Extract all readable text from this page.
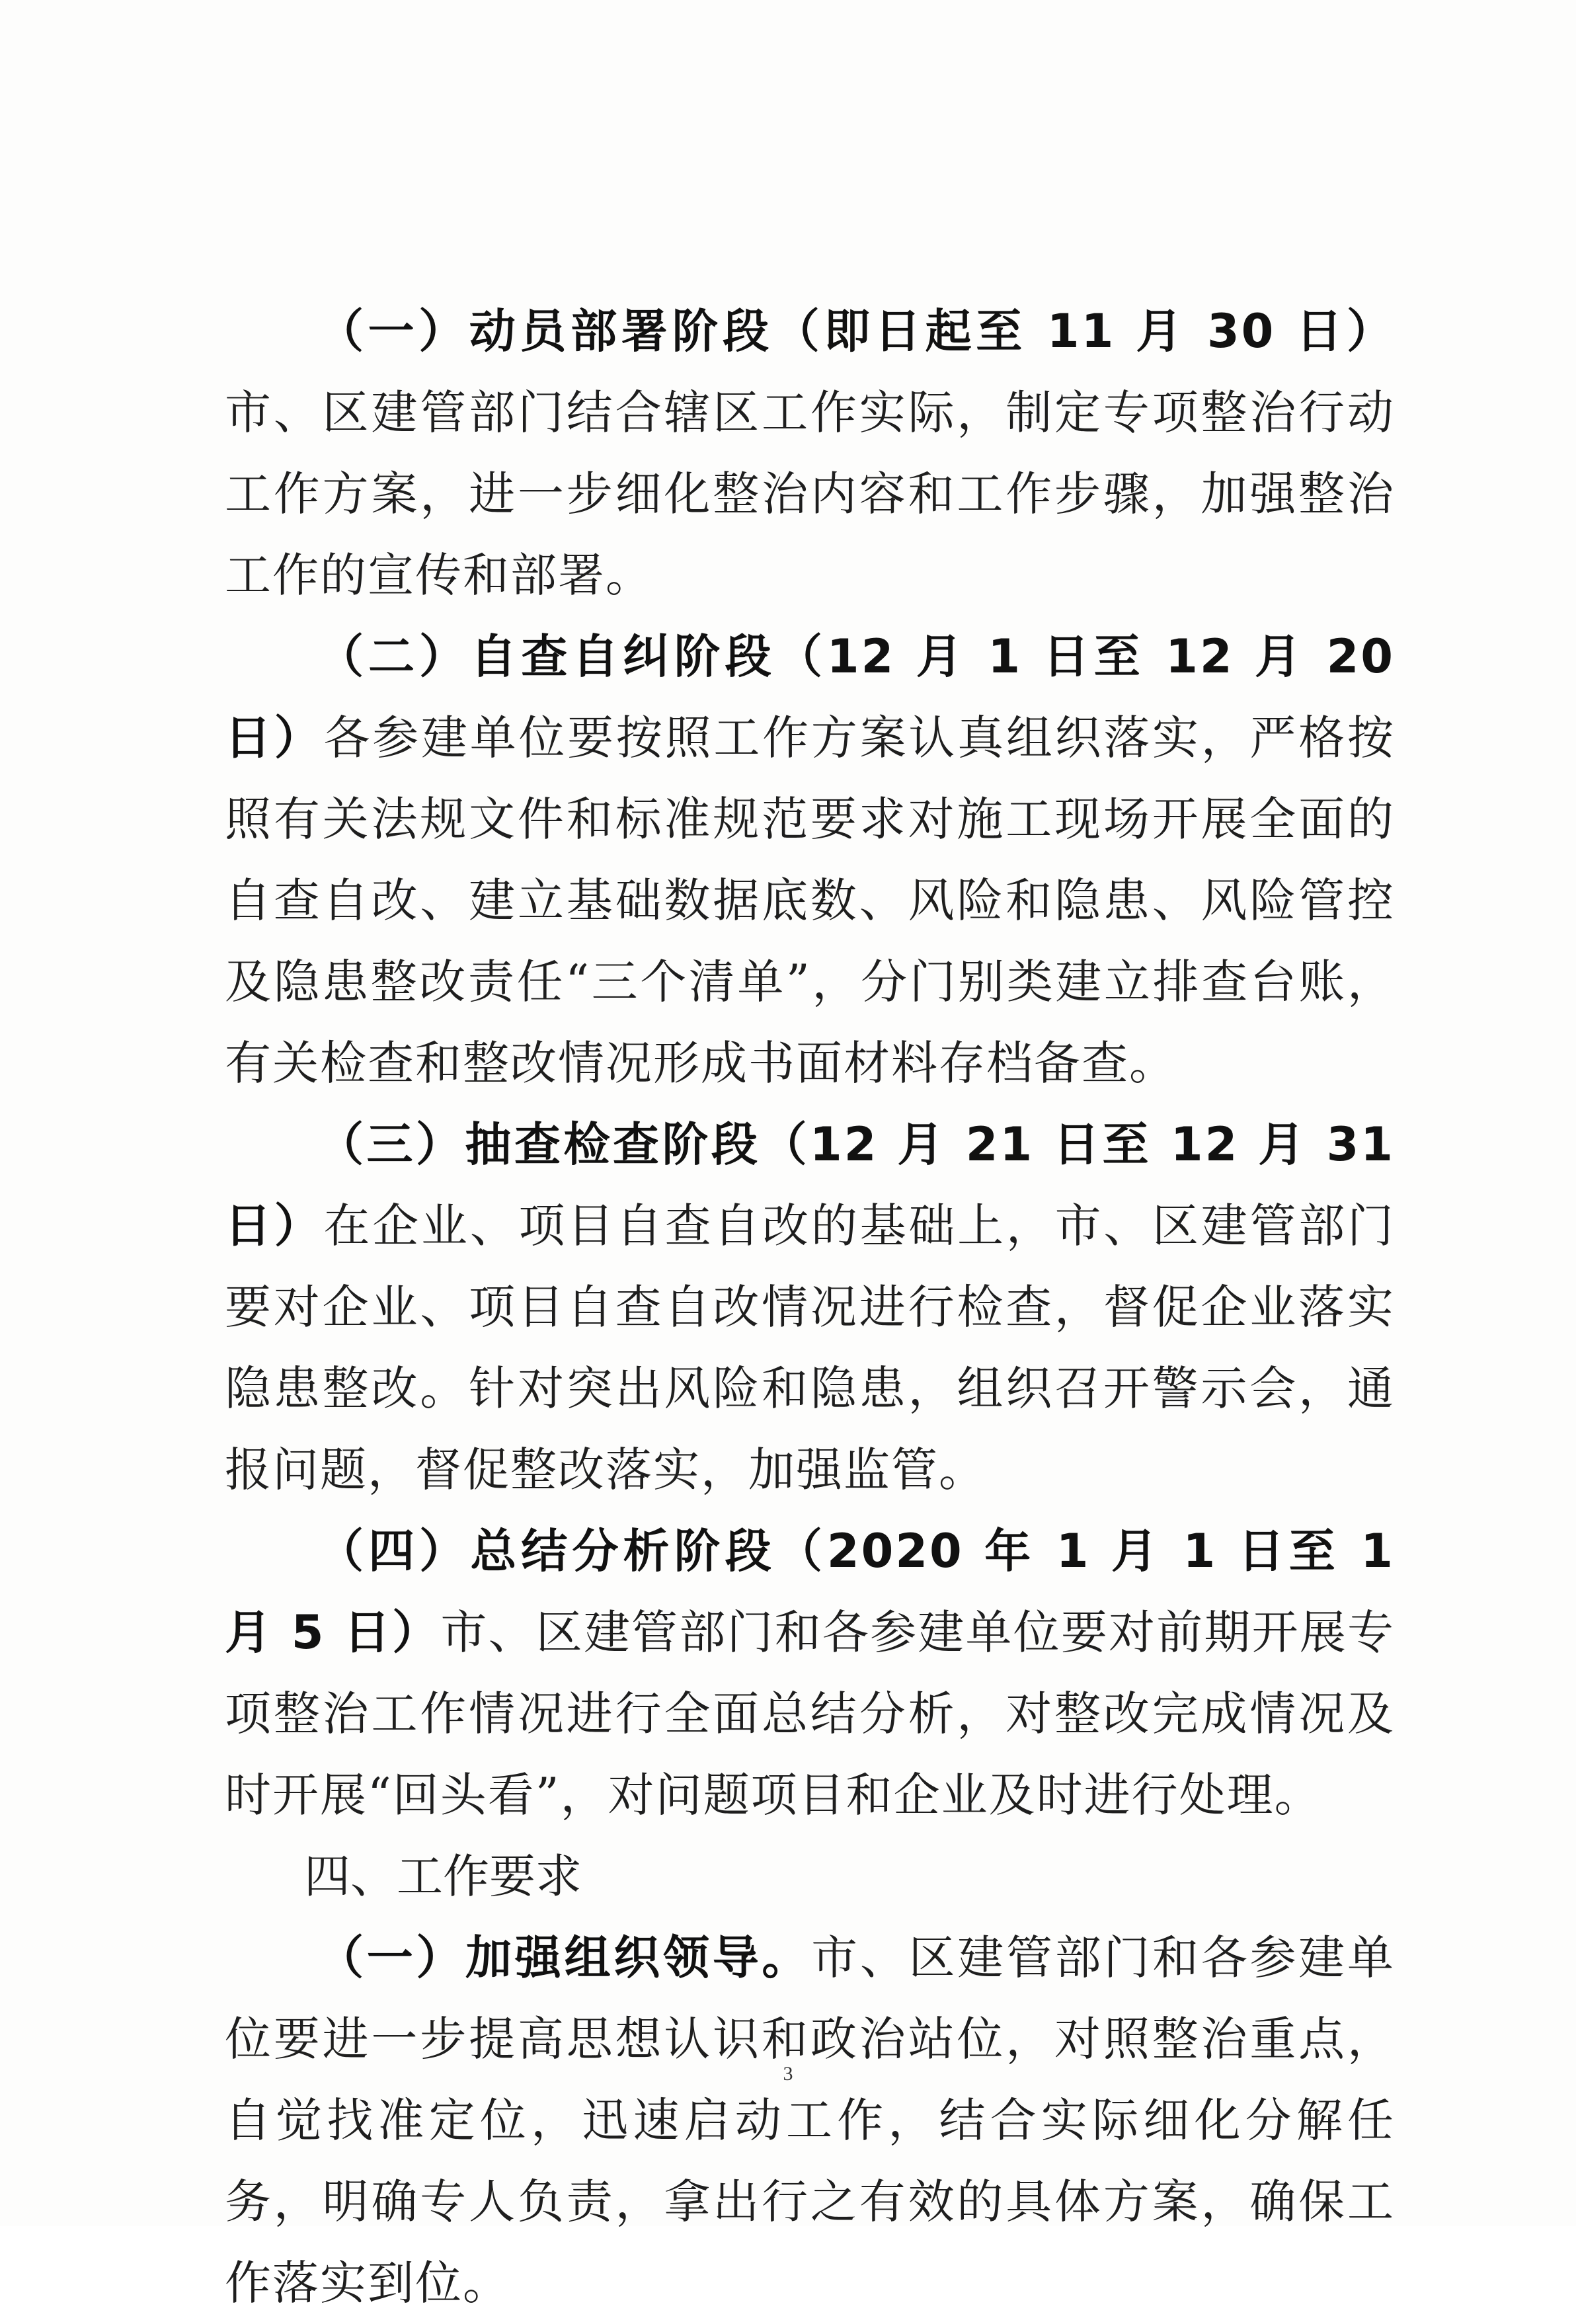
（一）动员部署阶段（即日起至 11 月 30 日）市、区建管部门结合辖区工作实际，制定专项整治行动工作方案，进一步细化整治内容和工作步骤，加强整治工作的宣传和部署。

（二）自查自纠阶段（12 月 1 日至 12 月 20 日）各参建单位要按照工作方案认真组织落实，严格按照有关法规文件和标准规范要求对施工现场开展全面的自查自改、建立基础数据底数、风险和隐患、风险管控及隐患整改责任“三个清单”，分门别类建立排查台账，有关检查和整改情况形成书面材料存档备查。

（三）抽查检查阶段（12 月 21 日至 12 月 31 日）在企业、项目自查自改的基础上，市、区建管部门要对企业、项目自查自改情况进行检查，督促企业落实隐患整改。针对突出风险和隐患，组织召开警示会，通报问题，督促整改落实，加强监管。

（四）总结分析阶段（2020 年 1 月 1 日至 1 月 5 日）市、区建管部门和各参建单位要对前期开展专项整治工作情况进行全面总结分析，对整改完成情况及时开展“回头看”，对问题项目和企业及时进行处理。

四、工作要求

（一）加强组织领导。市、区建管部门和各参建单位要进一步提高思想认识和政治站位，对照整治重点，自觉找准定位，迅速启动工作，结合实际细化分解任务，明确专人负责，拿出行之有效的具体方案，确保工作落实到位。

3
